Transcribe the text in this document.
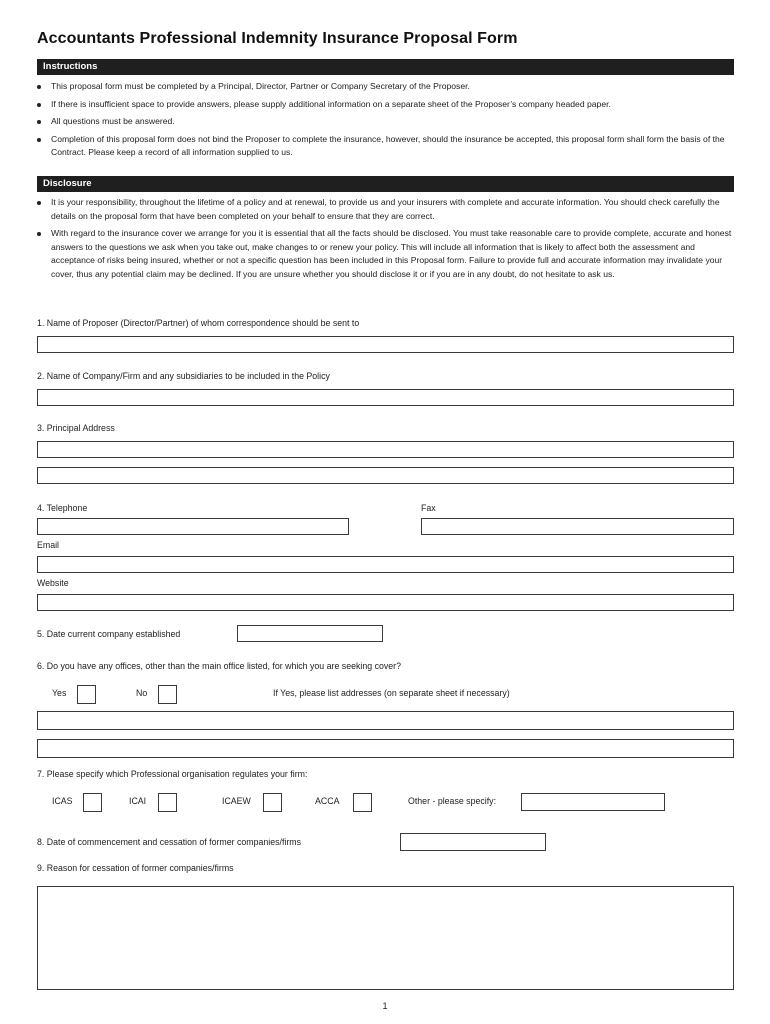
Accountants Professional Indemnity Insurance Proposal Form
Instructions
This proposal form must be completed by a Principal, Director, Partner or Company Secretary of the Proposer.
If there is insufficient space to provide answers, please supply additional information on a separate sheet of the Proposer’s company headed paper.
All questions must be answered.
Completion of this proposal form does not bind the Proposer to complete the insurance, however, should the insurance be accepted, this proposal form shall form the basis of the Contract. Please keep a record of all information supplied to us.
Disclosure
It is your responsibility, throughout the lifetime of a policy and at renewal, to provide us and your insurers with complete and accurate information. You should check carefully the details on the proposal form that have been completed on your behalf to ensure that they are correct.
With regard to the insurance cover we arrange for you it is essential that all the facts should be disclosed. You must take reasonable care to provide complete, accurate and honest answers to the questions we ask when you take out, make changes to or renew your policy. This will include all information that is likely to affect both the assessment and acceptance of risks being insured, whether or not a specific question has been included in this Proposal form. Failure to provide full and accurate information may invalidate your cover, thus any potential claim may be declined. If you are unsure whether you should disclose it or if you are in any doubt, do not hesitate to ask us.
1. Name of Proposer (Director/Partner) of whom correspondence should be sent to
2. Name of Company/Firm and any subsidiaries to be included in the Policy
3. Principal Address
4. Telephone	Fax
Email
Website
5. Date current company established
6. Do you have any offices, other than the main office listed, for which you are seeking cover?
Yes	No	If Yes, please list addresses (on separate sheet if necessary)
7. Please specify which Professional organisation regulates your firm:
ICAS	ICAI	ICAEW	ACCA	Other - please specify:
8. Date of commencement and cessation of former companies/firms
9. Reason for cessation of former companies/firms
1
